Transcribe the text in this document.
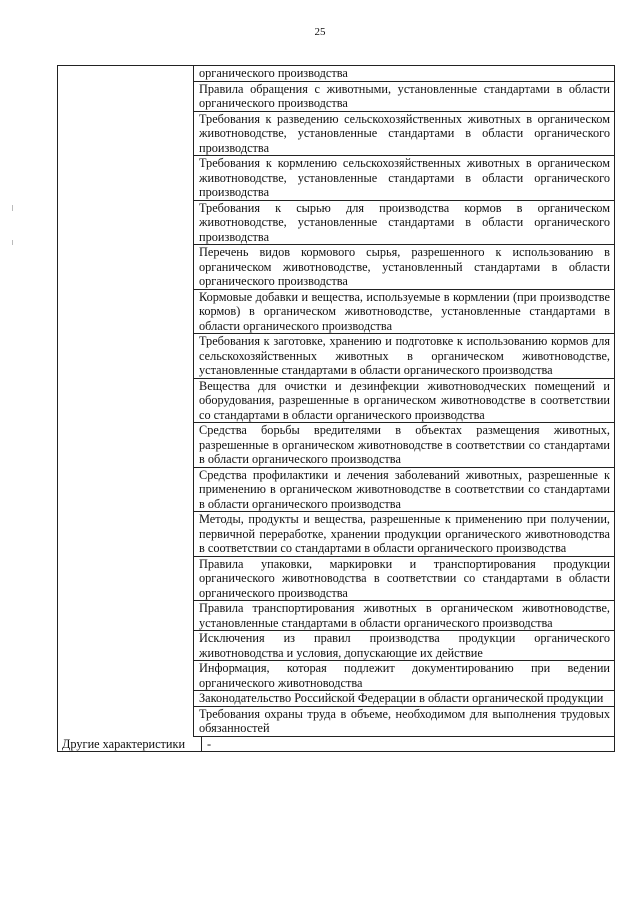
25
органического производства
Правила обращения с животными, установленные стандартами в области органического производства
Требования к разведению сельскохозяйственных животных в органическом животноводстве, установленные стандартами в области органического производства
Требования к кормлению сельскохозяйственных животных в органическом животноводстве, установленные стандартами в области органического производства
Требования к сырью для производства кормов в органическом животноводстве, установленные стандартами в области органического производства
Перечень видов кормового сырья, разрешенного к использованию в органическом животноводстве, установленный стандартами в области органического производства
Кормовые добавки и вещества, используемые в кормлении (при производстве кормов) в органическом животноводстве, установленные стандартами в области органического производства
Требования к заготовке, хранению и подготовке к использованию кормов для сельскохозяйственных животных в органическом животноводстве, установленные стандартами в области органического производства
Вещества для очистки и дезинфекции животноводческих помещений и оборудования, разрешенные в органическом животноводстве в соответствии со стандартами в области органического производства
Средства борьбы вредителями в объектах размещения животных, разрешенные в органическом животноводстве в соответствии со стандартами в области органического производства
Средства профилактики и лечения заболеваний животных, разрешенные к применению в органическом животноводстве в соответствии со стандартами в области органического производства
Методы, продукты и вещества, разрешенные к применению при получении, первичной переработке, хранении продукции органического животноводства в соответствии со стандартами в области органического производства
Правила упаковки, маркировки и транспортирования продукции органического животноводства в соответствии со стандартами в области органического производства
Правила транспортирования животных в органическом животноводстве, установленные стандартами в области органического производства
Исключения из правил производства продукции органического животноводства и условия, допускающие их действие
Информация, которая подлежит документированию при ведении органического животноводства
Законодательство Российской Федерации в области органической продукции
Требования охраны труда в объеме, необходимом для выполнения трудовых обязанностей
Другие характеристики	-
